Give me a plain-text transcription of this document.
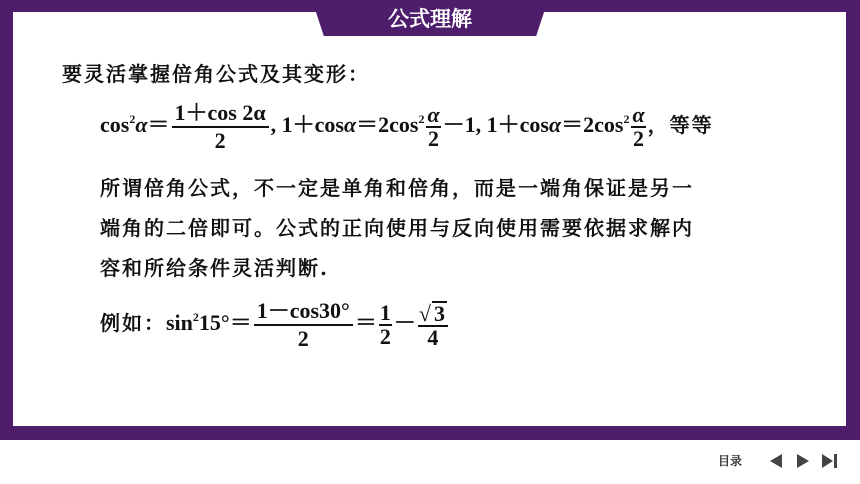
公式理解
要灵活掌握倍角公式及其变形：
$\cos^2\alpha= \frac{1+\cos 2\alpha}{2}$ , $1+\cos\alpha=2\cos^2 \frac{\alpha}{2} -1$, $1+\cos\alpha=2\cos^2 \frac{\alpha}{2}$ ，等等
所谓倍角公式，不一定是单角和倍角，而是一端角保证是另一
端角的二倍即可。公式的正向使用与反向使用需要依据求解内
容和所给条件灵活判断.
例如：$\sin^215^\circ= \frac{1-\cos 30^\circ}{2} = \frac{1}{2} - \frac{√ 3}{4}$
目录
